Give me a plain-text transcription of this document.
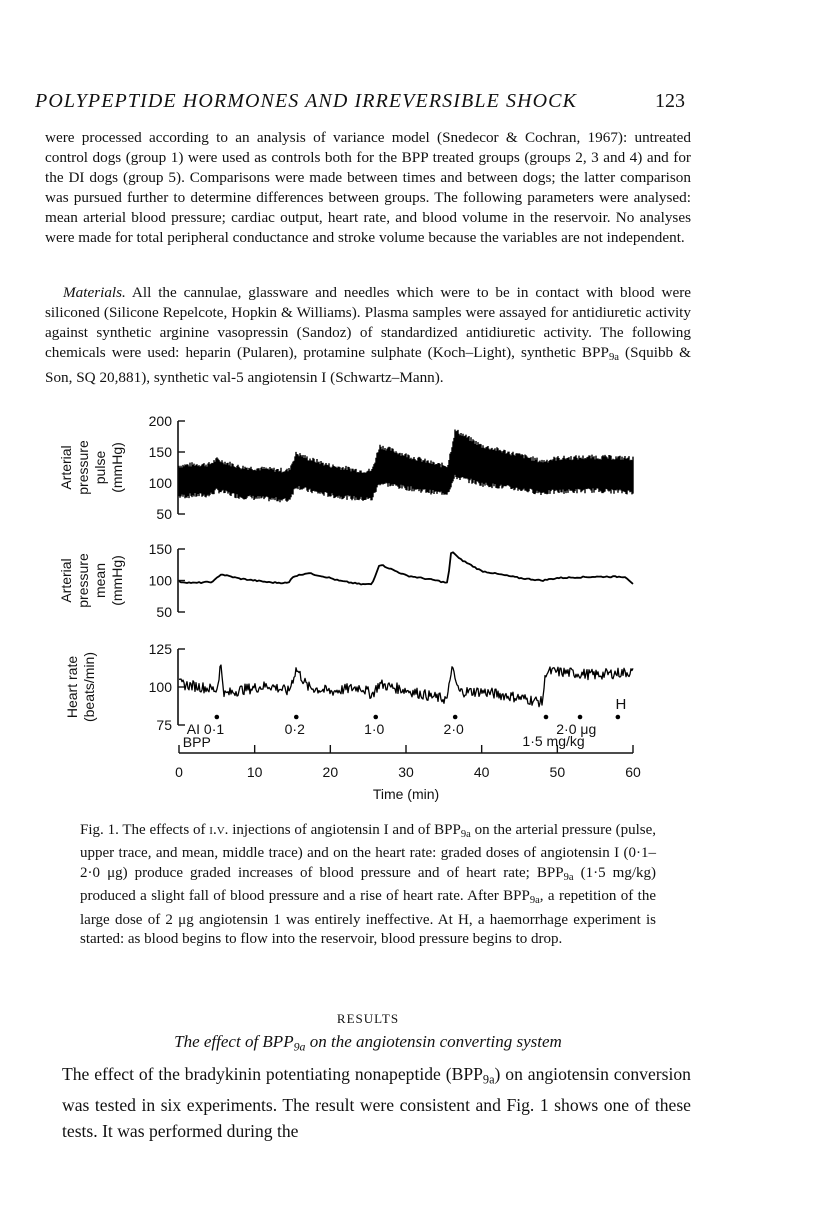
POLYPEPTIDE HORMONES AND IRREVERSIBLE SHOCK	123

were processed according to an analysis of variance model (Snedecor & Cochran, 1967): untreated control dogs (group 1) were used as controls both for the BPP treated groups (groups 2, 3 and 4) and for the DI dogs (group 5). Comparisons were made between times and between dogs; the latter comparison was pursued further to determine differences between groups. The following parameters were analysed: mean arterial blood pressure; cardiac output, heart rate, and blood volume in the reservoir. No analyses were made for total peripheral conductance and stroke volume because the variables are not independent.

Materials. All the cannulae, glassware and needles which were to be in contact with blood were siliconed (Silicone Repelcote, Hopkin & Williams). Plasma samples were assayed for antidiuretic activity against synthetic arginine vasopressin (Sandoz) of standardized antidiuretic activity. The following chemicals were used: heparin (Pularen), protamine sulphate (Koch–Light), synthetic $BPP_{9a}$ (Squibb & Son, SQ 20,881), synthetic val-5 angiotensin I (Schwartz–Mann).

200
150
100
50
Arterial pressure pulse (mmHg)
150
100
50
Arterial pressure mean (mmHg)
125
100
75
Heart rate (beats/min)
AI 0·1	0·2	1·0	2·0	2·0 μg
H
BPP	1·5 mg/kg
0	10	20	30	40	50	60
Time (min)

Fig. 1. The effects of i.v. injections of angiotensin I and of $BPP_{9a}$ on the arterial pressure (pulse, upper trace, and mean, middle trace) and on the heart rate: graded doses of angiotensin I (0·1–2·0 μg) produce graded increases of blood pressure and of heart rate; $BPP_{9a}$ (1·5 mg/kg) produced a slight fall of blood pressure and a rise of heart rate. After $BPP_{9a}$, a repetition of the large dose of 2 μg angiotensin 1 was entirely ineffective. At H, a haemorrhage experiment is started: as blood begins to flow into the reservoir, blood pressure begins to drop.

RESULTS
The effect of $BPP_{9a}$ on the angiotensin converting system

The effect of the bradykinin potentiating nonapeptide $(BPP_{9a})$ on angiotensin conversion was tested in six experiments. The result were consistent and Fig. 1 shows one of these tests. It was performed during the
